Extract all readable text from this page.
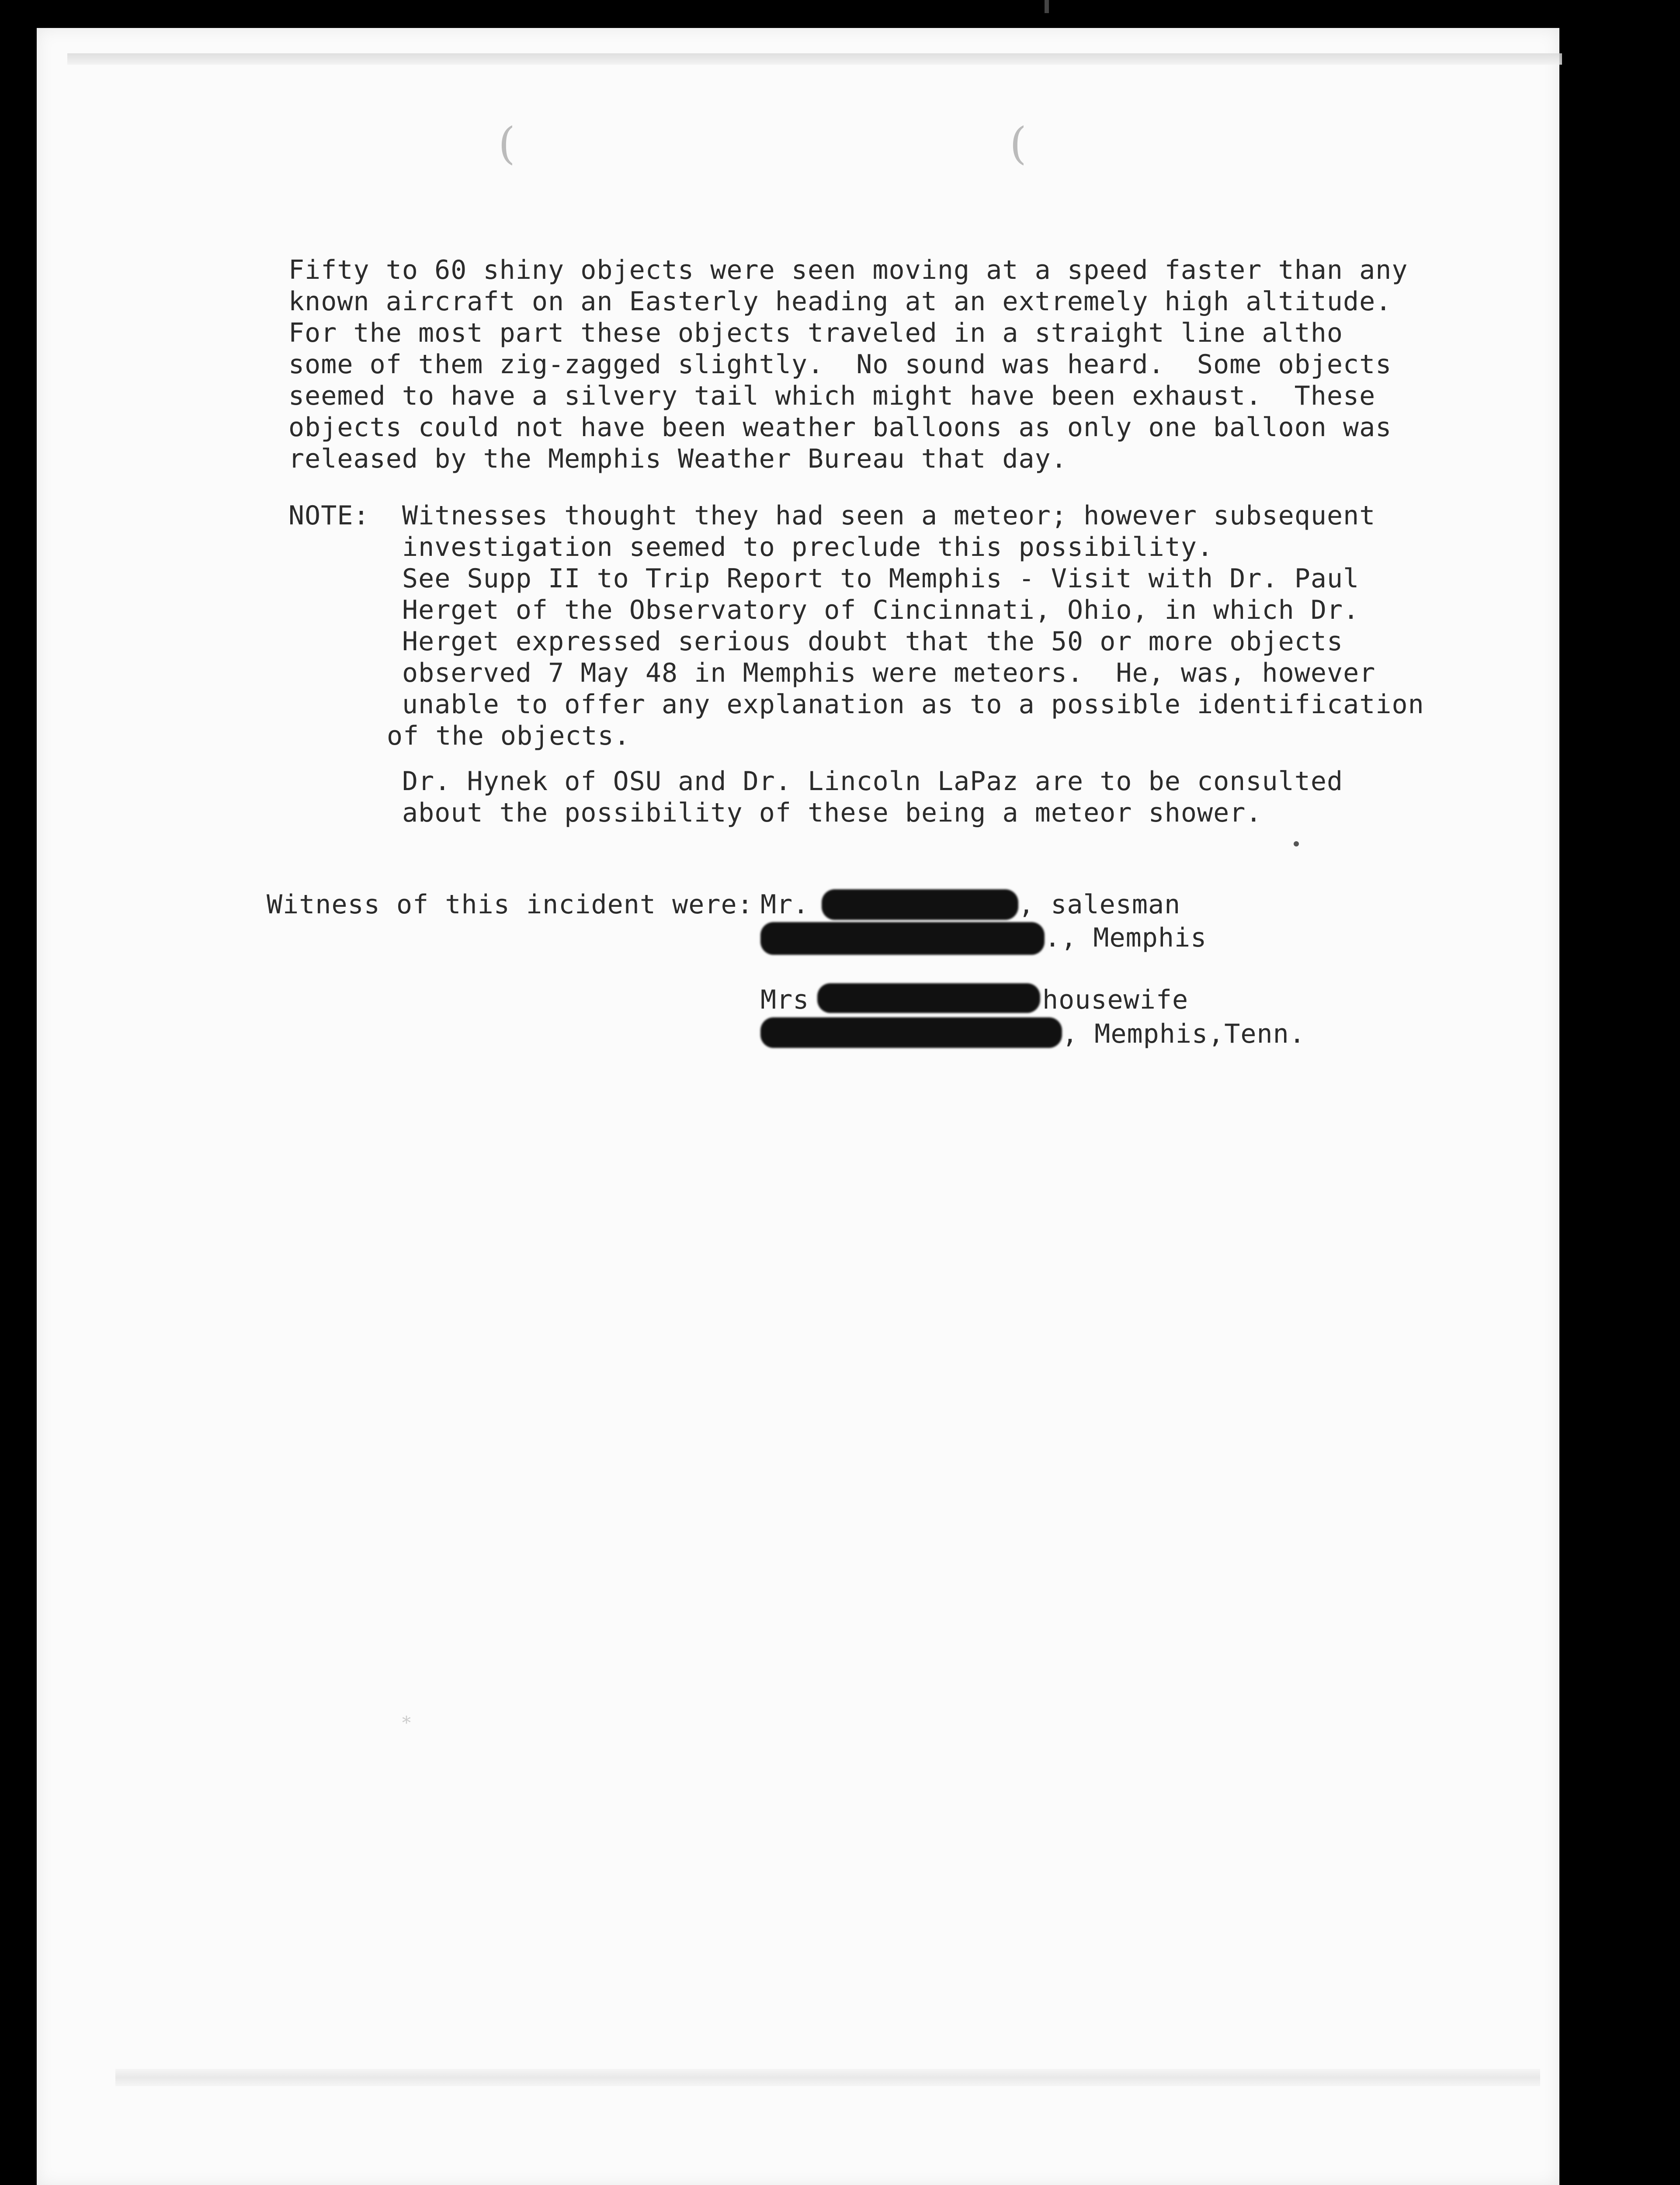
(	(
Fifty to 60 shiny objects were seen moving at a speed faster than any
known aircraft on an Easterly heading at an extremely high altitude.
For the most part these objects traveled in a straight line altho
some of them zig-zagged slightly.  No sound was heard.  Some objects
seemed to have a silvery tail which might have been exhaust.  These
objects could not have been weather balloons as only one balloon was
released by the Memphis Weather Bureau that day.
NOTE: Witnesses thought they had seen a meteor; however subsequent
investigation seemed to preclude this possibility.
See Supp II to Trip Report to Memphis - Visit with Dr. Paul
Herget of the Observatory of Cincinnati, Ohio, in which Dr.
Herget expressed serious doubt that the 50 or more objects
observed 7 May 48 in Memphis were meteors.  He, was, however
unable to offer any explanation as to a possible identification
of the objects.
Dr. Hynek of OSU and Dr. Lincoln LaPaz are to be consulted
about the possibility of these being a meteor shower.
Witness of this incident were: Mr.	, salesman
., Memphis
Mrs	housewife
, Memphis,Tenn.
*
